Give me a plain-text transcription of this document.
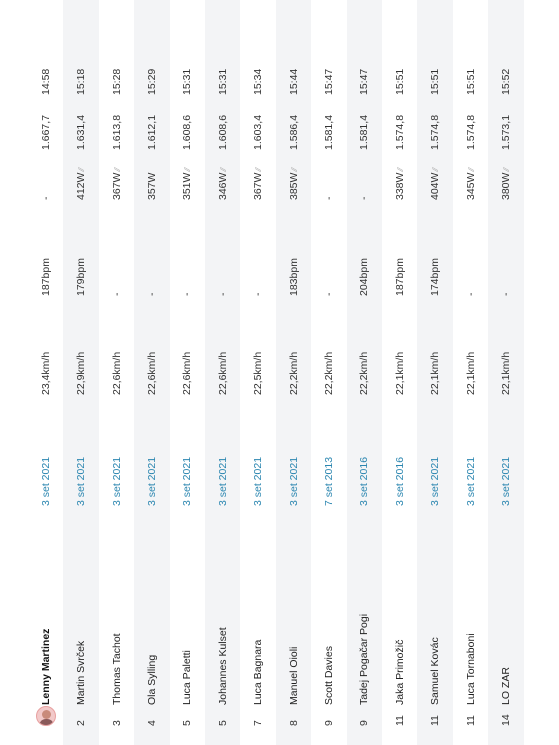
Lenny Martinez
3 set 2021
23,4km/h
187bpm
-
1.667,7
14:58
2
Martin Svrček
3 set 2021
22,9km/h
179bpm
412W⁄⁄
1.631,4
15:18
3
Thomas Tachot
3 set 2021
22,6km/h
-
367W⁄⁄
1.613,8
15:28
4
Ola Sylling
3 set 2021
22,6km/h
-
357W
1.612,1
15:29
5
Luca Paletti
3 set 2021
22,6km/h
-
351W⁄⁄
1.608,6
15:31
5
Johannes Kulset
3 set 2021
22,6km/h
-
346W⁄⁄
1.608,6
15:31
7
Luca Bagnara
3 set 2021
22,5km/h
-
367W⁄⁄
1.603,4
15:34
8
Manuel Oioli
3 set 2021
22,2km/h
183bpm
385W⁄⁄
1.586,4
15:44
9
Scott Davies
7 set 2013
22,2km/h
-
-
1.581,4
15:47
9
Tadej Pogačar Pogi
3 set 2016
22,2km/h
204bpm
-
1.581,4
15:47
11
Jaka Primožič
3 set 2016
22,1km/h
187bpm
338W⁄⁄
1.574,8
15:51
11
Samuel Kovác
3 set 2021
22,1km/h
174bpm
404W⁄⁄
1.574,8
15:51
11
Luca Tornaboni
3 set 2021
22,1km/h
-
345W⁄⁄
1.574,8
15:51
14
LO ZAR
3 set 2021
22,1km/h
-
380W⁄⁄
1.573,1
15:52
